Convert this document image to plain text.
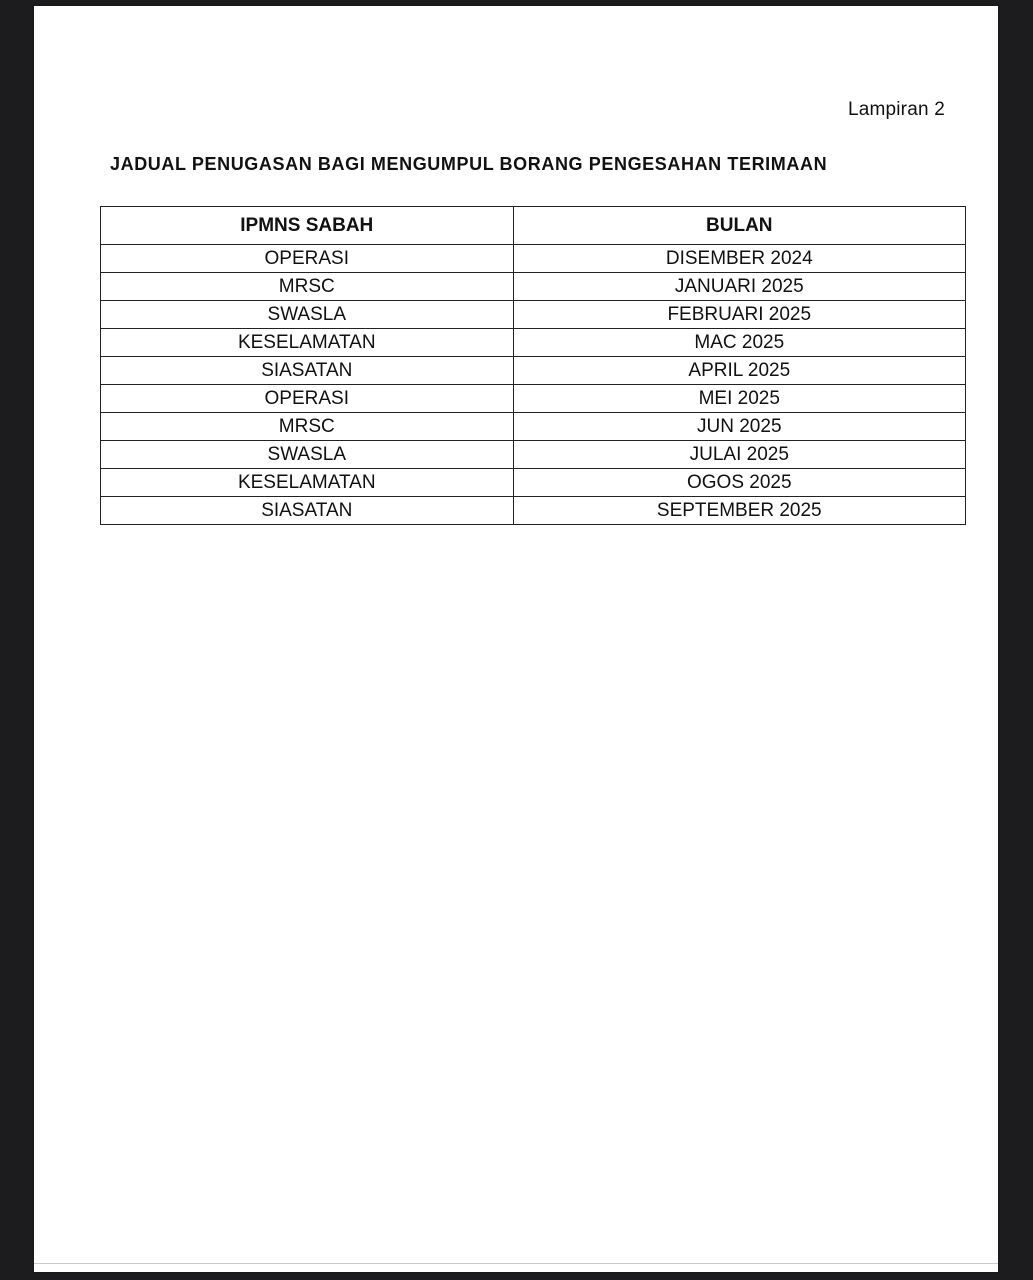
Lampiran 2
JADUAL PENUGASAN BAGI MENGUMPUL BORANG PENGESAHAN TERIMAAN
IPMNS SABAH	BULAN
OPERASI	DISEMBER 2024
MRSC	JANUARI 2025
SWASLA	FEBRUARI 2025
KESELAMATAN	MAC 2025
SIASATAN	APRIL 2025
OPERASI	MEI 2025
MRSC	JUN 2025
SWASLA	JULAI 2025
KESELAMATAN	OGOS 2025
SIASATAN	SEPTEMBER 2025
